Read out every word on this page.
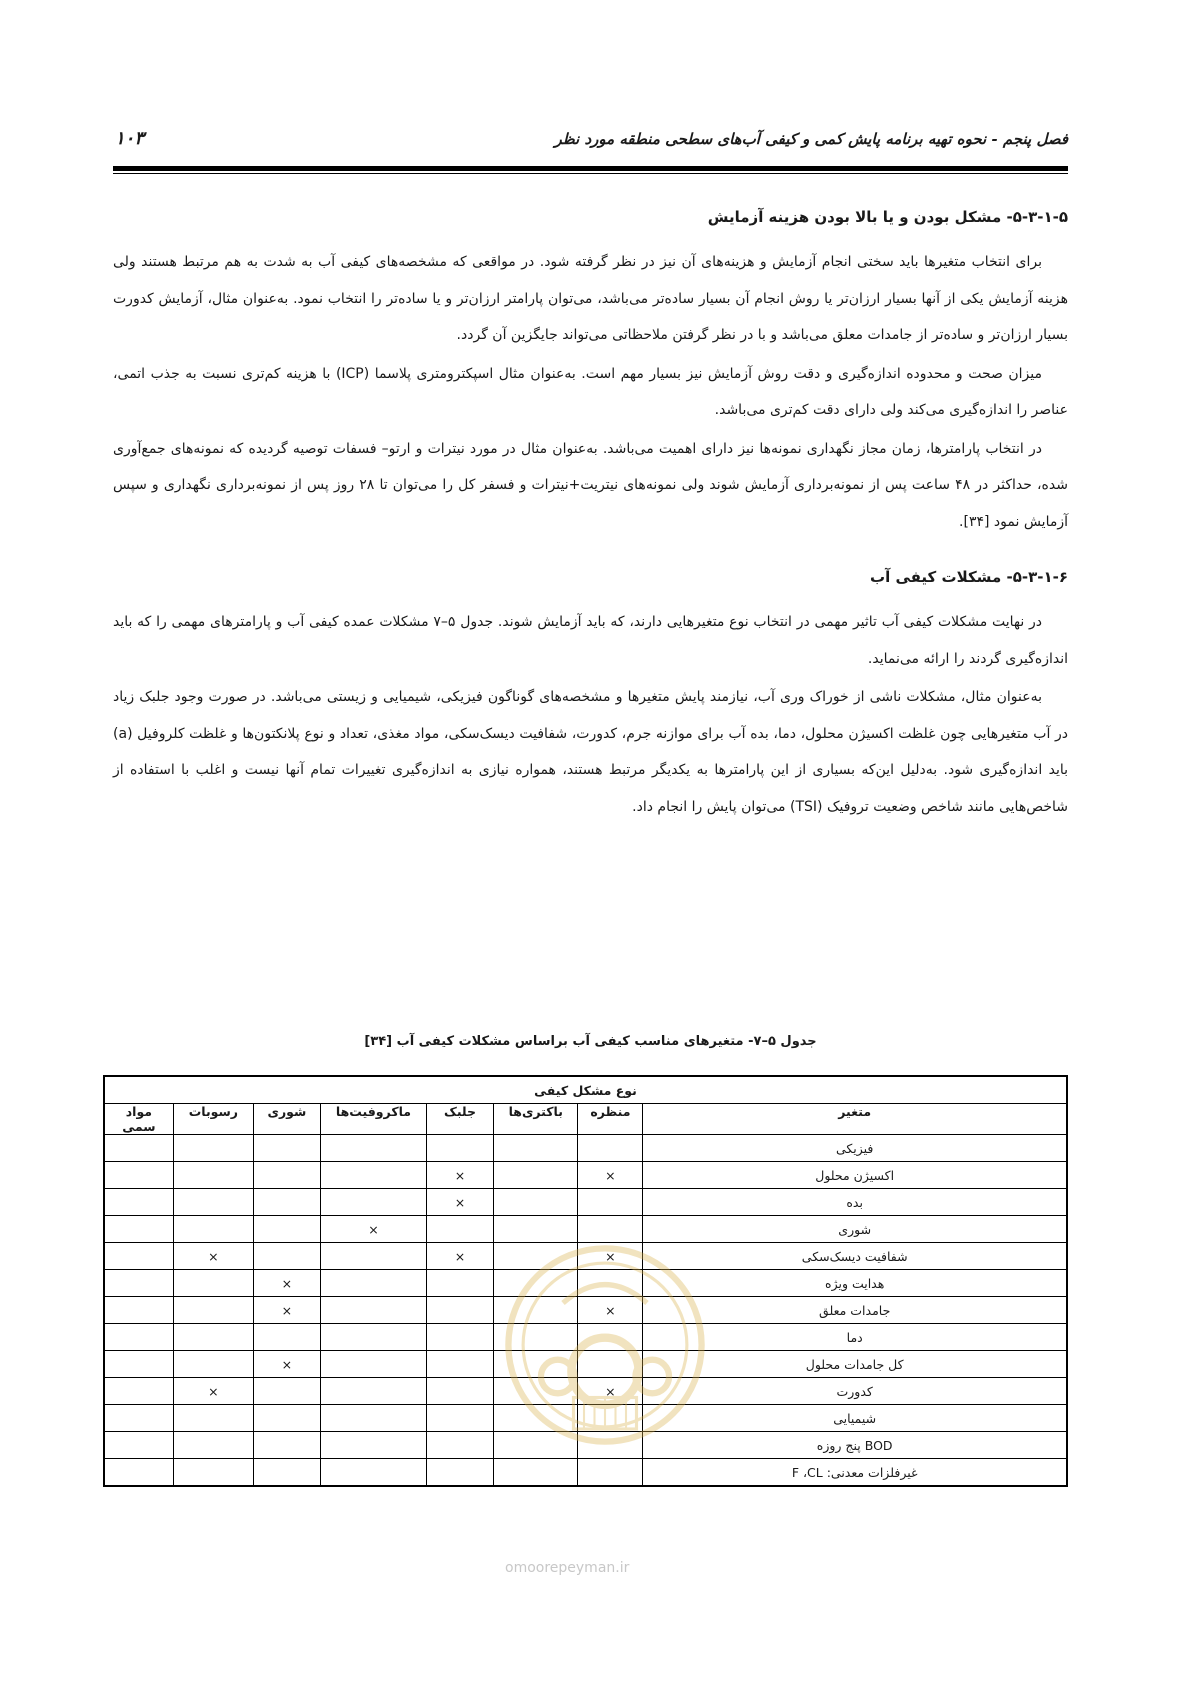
فصل پنجم - نحوه تهیه برنامه پایش کمی و کیفی آب‌های سطحی منطقه مورد نظر
۱۰۳
۵-۳-۱-۵- مشکل بودن و یا بالا بودن هزینه آزمایش

برای انتخاب متغیرها باید سختی انجام آزمایش و هزینه‌های آن نیز در نظر گرفته شود. در مواقعی که مشخصه‌های کیفی آب به شدت به هم مرتبط هستند ولی هزینه آزمایش یکی از آنها بسیار ارزان‌تر یا روش انجام آن بسیار ساده‌تر می‌باشد، می‌توان پارامتر ارزان‌تر و یا ساده‌تر را انتخاب نمود. به‌عنوان مثال، آزمایش کدورت بسیار ارزان‌تر و ساده‌تر از جامدات معلق می‌باشد و با در نظر گرفتن ملاحظاتی می‌تواند جایگزین آن گردد.

میزان صحت و محدوده اندازه‌گیری و دقت روش آزمایش نیز بسیار مهم است. به‌عنوان مثال اسپکترومتری پلاسما (ICP) با هزینه کم‌تری نسبت به جذب اتمی، عناصر را اندازه‌گیری می‌کند ولی دارای دقت کم‌تری می‌باشد.

در انتخاب پارامترها، زمان مجاز نگهداری نمونه‌ها نیز دارای اهمیت می‌باشد. به‌عنوان مثال در مورد نیترات و ارتو– فسفات توصیه گردیده که نمونه‌های جمع‌آوری شده، حداکثر در ۴۸ ساعت پس از نمونه‌برداری آزمایش شوند ولی نمونه‌های نیتریت+نیترات و فسفر کل را می‌توان تا ۲۸ روز پس از نمونه‌برداری نگهداری و سپس آزمایش نمود [۳۴].

۵-۳-۱-۶- مشکلات کیفی آب

در نهایت مشکلات کیفی آب تاثیر مهمی در انتخاب نوع متغیرهایی دارند، که باید آزمایش شوند. جدول ۵–۷ مشکلات عمده کیفی آب و پارامترهای مهمی را که باید اندازه‌گیری گردند را ارائه می‌نماید.

به‌عنوان مثال، مشکلات ناشی از خوراک وری آب، نیازمند پایش متغیرها و مشخصه‌های گوناگون فیزیکی، شیمیایی و زیستی می‌باشد. در صورت وجود جلبک زیاد در آب متغیرهایی چون غلظت اکسیژن محلول، دما، بده آب برای موازنه جرم، کدورت، شفافیت دیسک‌سکی، مواد مغذی، تعداد و نوع پلانکتون‌ها و غلظت کلروفیل (a) باید اندازه‌گیری شود. به‌دلیل این‌که بسیاری از این پارامترها به یکدیگر مرتبط هستند، همواره نیازی به اندازه‌گیری تغییرات تمام آنها نیست و اغلب با استفاده از شاخص‌هایی مانند شاخص وضعیت تروفیک (TSI) می‌توان پایش را انجام داد.

جدول ۵–۷- متغیرهای مناسب کیفی آب براساس مشکلات کیفی آب [۳۴]
نوع مشکل کیفی							
متغیر	منظره	باکتری‌ها	جلبک	ماکروفیت‌ها	شوری	رسوبات	مواد سمی
فیزیکی							
اکسیژن محلول	×		×				
بده			×				
شوری				×			
شفافیت دیسک‌سکی	×		×			×	
هدایت ویژه					×		
جامدات معلق	×				×		
دما							
کل جامدات محلول					×		
کدورت	×					×	
شیمیایی							
BOD پنج روزه							
غیرفلزات معدنی: F ،CL							
omoorepeyman.ir
